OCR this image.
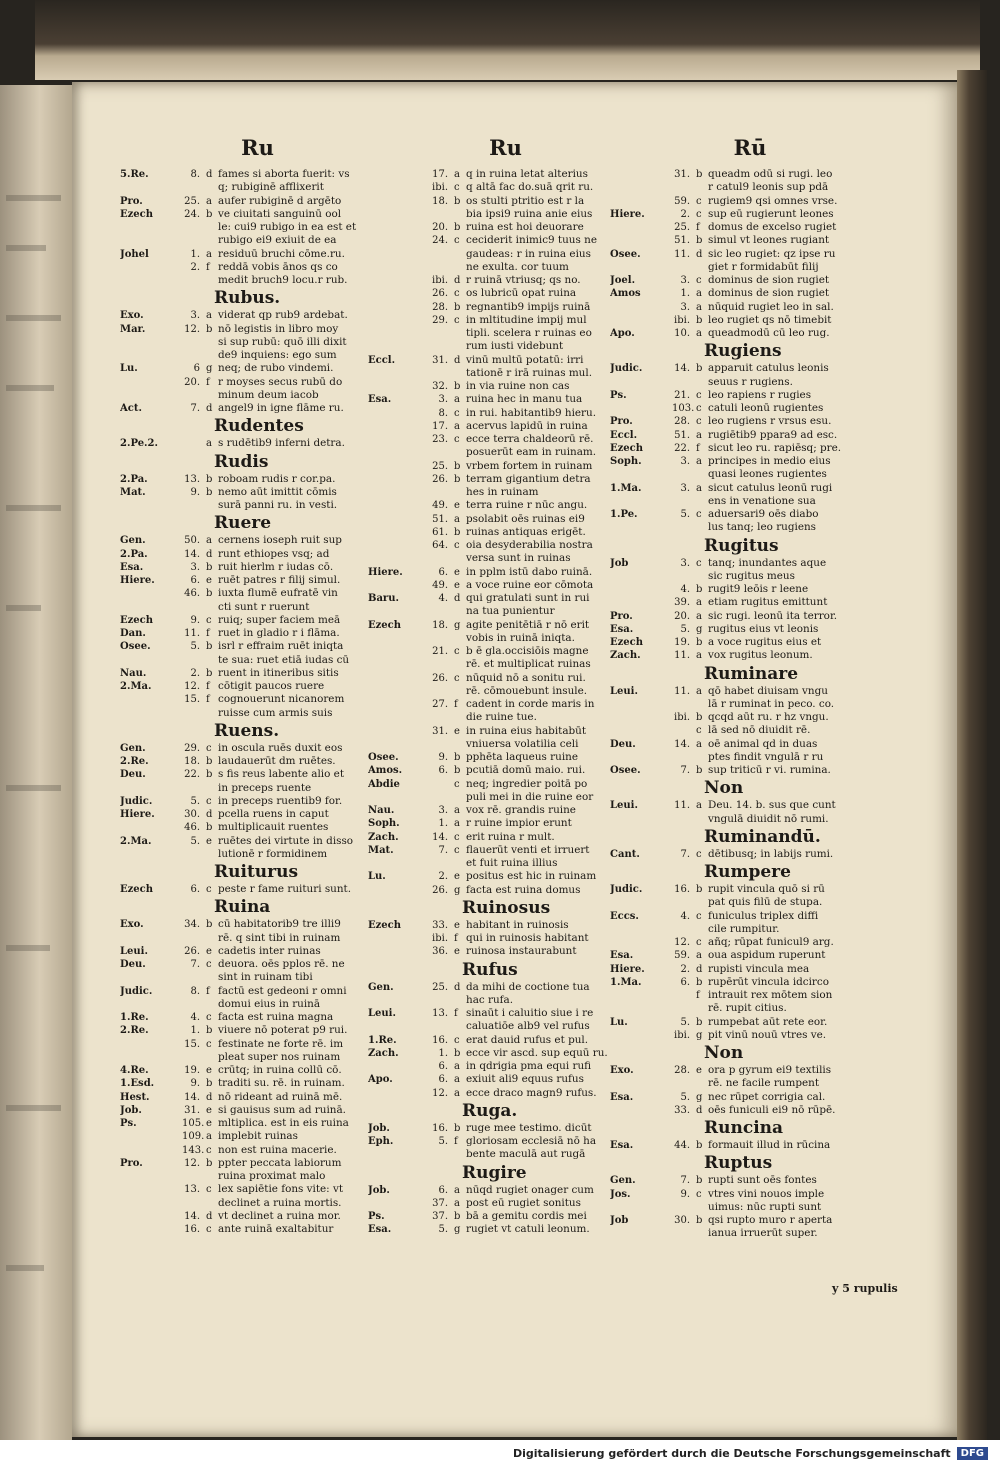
Ru
5.Re.	8. d fames si aborta fuerit: vs
q; rubiginē afflixerit
Pro.	25. a aufer rubiginē d argēto
Ezech	24. b ve ciuitati sanguinū ool
le: cui9 rubigo in ea est et
rubigo ei9 exiuit de ea
Johel	1. a residuū bruchi cōme.ru.
2. f reddā vobis ānos qs co
medit bruch9 locu.r rub.
Rubus.
Exo.	3. a viderat qp rub9 ardebat.
Mar.	12. b nō legistis in libro moy
si sup rubū: quō illi dixit
de9 inquiens: ego sum
Lu.	6 g neq; de rubo vindemi.
20. f r moyses secus rubū do
minum deum iacob
Act.	7. d angel9 in igne flāme ru.
Rudentes
2.Pe.2.	a s rudētib9 inferni detra.
Rudis
2.Pa.	13. b roboam rudis r cor.pa.
Mat.	9. b nemo aūt imittit cōmis
surā panni ru. in vesti.
Ruere
Gen.	50. a cernens ioseph ruit sup
2.Pa.	14. d runt ethiopes vsq; ad
Esa.	3. b ruit hierlm r iudas cō.
Hiere.	6. e ruēt patres r filij simul.
46. b iuxta flumē eufratē vin
cti sunt r ruerunt
Ezech	9. c ruiq; super faciem meā
Dan.	11. f ruet in gladio r i flāma.
Osee.	5. b isrl r effraim ruēt iniqta
te sua: ruet etiā iudas cū
Nau.	2. b ruent in itineribus sitis
2.Ma.	12. f cōtigit paucos ruere
15. f cognouerunt nicanorem
ruisse cum armis suis
Ruens.
Gen.	29. c in oscula ruēs duxit eos
2.Re.	18. b laudauerūt dm ruētes.
Deu.	22. b s fis reus labente alio et
in preceps ruente
Judic.	5. c in preceps ruentib9 for.
Hiere.	30. d pcella ruens in caput
46. b multiplicauit ruentes
2.Ma.	5. e ruētes dei virtute in disso
lutionē r formidinem
Ruiturus
Ezech	6. c peste r fame ruituri sunt.
Ruina
Exo.	34. b cū habitatorib9 tre illi9
rē. q sint tibi in ruinam
Leui.	26. e cadetis inter ruinas
Deu.	7. c deuora. oēs pplos rē. ne
sint in ruinam tibi
Judic.	8. f factū est gedeoni r omni
domui eius in ruinā
1.Re.	4. c facta est ruina magna
2.Re.	1. b viuere nō poterat p9 rui.
15. c festinate ne forte rē. im
pleat super nos ruinam
4.Re.	19. e crūtq; in ruina collū cō.
1.Esd.	9. b traditi su. rē. in ruinam.
Hest.	14. d nō rideant ad ruinā mē.
Job.	31. e si gauisus sum ad ruinā.
Ps.	105. e mltiplica. est in eis ruina
109. a implebit ruinas
143. c non est ruina macerie.
Pro.	12. b ppter peccata labiorum
ruina proximat malo
13. c lex sapiētie fons vite: vt
declinet a ruina mortis.
14. d vt declinet a ruina mor.
16. c ante ruinā exaltabitur
Ru
17. a q in ruina letat alterius
ibi. c q altā fac do.suā qrit ru.
18. b os stulti ptritio est r la
bia ipsi9 ruina anie eius
20. b ruina est hoi deuorare
24. c ceciderit inimic9 tuus ne
gaudeas: r in ruina eius
ne exulta. cor tuum
ibi. d r ruinā vtriusq; qs no.
26. c os lubricū opat ruina
28. b regnantib9 impijs ruinā
29. c in mltitudine impij mul
tipli. scelera r ruinas eo
rum iusti videbunt
Eccl.	31. d vinū multū potatū: irri
tationē r irā ruinas mul.
32. b in via ruine non cas
Esa.	3. a ruina hec in manu tua
8. c in rui. habitantib9 hieru.
17. a acervus lapidū in ruina
23. c ecce terra chaldeorū rē.
posuerūt eam in ruinam.
25. b vrbem fortem in ruinam
26. b terram gigantium detra
hes in ruinam
49. e terra ruine r nūc angu.
51. a psolabit oēs ruinas ei9
61. b ruinas antiquas erigēt.
64. c oia desyderabilia nostra
versa sunt in ruinas
Hiere.	6. e in pplm istū dabo ruinā.
49. e a voce ruine eor cōmota
Baru.	4. d qui gratulati sunt in rui
na tua punientur
Ezech	18. g agite penitētiā r nō erit
vobis in ruinā iniqta.
21. c b ē gla.occisiōis magne
rē. et multiplicat ruinas
26. c nūquid nō a sonitu rui.
rē. cōmouebunt insule.
27. f cadent in corde maris in
die ruine tue.
31. e in ruina eius habitabūt
vniuersa volatilia celi
Osee.	9. b pphēta laqueus ruine
Amos.	6. b pcutiā domū maio. rui.
Abdie	c neq; ingredier poitā po
puli mei in die ruine eor
Nau.	3. a vox rē. grandis ruine
Soph.	1. a r ruine impior erunt
Zach.	14. c erit ruina r mult.
Mat.	7. c flauerūt venti et irruert
et fuit ruina illius
Lu.	2. e positus est hic in ruinam
26. g facta est ruina domus
Ruinosus
Ezech	33. e habitant in ruinosis
ibi. f qui in ruinosis habitant
36. e ruinosa instaurabunt
Rufus
Gen.	25. d da mihi de coctione tua
hac rufa.
Leui.	13. f sinaūt i caluitio siue i re
caluatiōe alb9 vel rufus
1.Re.	16. c erat dauid rufus et pul.
Zach.	1. b ecce vir ascd. sup equū ru.
6. a in qdrigia pma equi rufi
Apo.	6. a exiuit ali9 equus rufus
12. a ecce draco magn9 rufus.
Ruga.
Job.	16. b ruge mee testimo. dicūt
Eph.	5. f gloriosam ecclesiā nō ha
bente maculā aut rugā
Rugire
Job.	6. a nūqd rugiet onager cum
37. a post eū rugiet sonitus
Ps.	37. b bā a gemitu cordis mei
Esa.	5. g rugiet vt catuli leonum.
Rū
31. b queadm odū si rugi. leo
r catul9 leonis sup pdā
59. c rugiem9 qsi omnes vrse.
Hiere.	2. c sup eū rugierunt leones
25. f domus de excelso rugiet
51. b simul vt leones rugiant
Osee.	11. d sic leo rugiet: qz ipse ru
giet r formidabūt filij
Joel.	3. c dominus de sion rugiet
Amos	1. a dominus de sion rugiet
3. a nūquid rugiet leo in sal.
ibi. b leo rugiet qs nō timebit
Apo.	10. a queadmodū cū leo rug.
Rugiens
Judic.	14. b apparuit catulus leonis
seuus r rugiens.
Ps.	21. c leo rapiens r rugies
103. c catuli leonū rugientes
Pro.	28. c leo rugiens r vrsus esu.
Eccl.	51. a rugiētib9 ppara9 ad esc.
Ezech	22. f sicut leo ru. rapiēsq; pre.
Soph.	3. a principes in medio eius
quasi leones rugientes
1.Ma.	3. a sicut catulus leonū rugi
ens in venatione sua
1.Pe.	5. c aduersari9 oēs diabo
lus tanq; leo rugiens
Rugitus
Job	3. c tanq; inundantes aque
sic rugitus meus
4. b rugit9 leōis r leene
39. a etiam rugitus emittunt
Pro.	20. a sic rugi. leonū ita terror.
Esa.	5. g rugitus eius vt leonis
Ezech	19. b a voce rugitus eius et
Zach.	11. a vox rugitus leonum.
Ruminare
Leui.	11. a qō habet diuisam vngu
lā r ruminat in peco. co.
ibi. b qcqd aūt ru. r hz vngu.
c lā sed nō diuidit rē.
Deu.	14. a oē animal qd in duas
ptes findit vngulā r ru
Osee.	7. b sup triticū r vi. rumina.
Non
Leui.	11. a Deu. 14. b. sus que cunt
vngulā diuidit nō rumi.
Ruminandū.
Cant.	7. c dētibusq; in labijs rumi.
Rumpere
Judic.	16. b rupit vincula quō si rū
pat quis filū de stupa.
Eccs.	4. c funiculus triplex diffi
cile rumpitur.
12. c añq; rūpat funicul9 arg.
Esa.	59. a oua aspidum ruperunt
Hiere.	2. d rupisti vincula mea
1.Ma.	6. b rupērūt vincula idcirco
f intrauit rex mōtem sion
rē. rupit citius.
Lu.	5. b rumpebat aūt rete eor.
ibi. g pit vinū nouū vtres ve.
Non
Exo.	28. e ora p gyrum ei9 textilis
rē. ne facile rumpent
Esa.	5. g nec rūpet corrigia cal.
33. d oēs funiculi ei9 nō rūpē.
Runcina
Esa.	44. b formauit illud in rūcina
Ruptus
Gen.	7. b rupti sunt oēs fontes
Jos.	9. c vtres vini nouos imple
uimus: nūc rupti sunt
Job	30. b qsi rupto muro r aperta
ianua irruerūt super.
y 5 rupulis
Digitalisierung gefördert durch die Deutsche Forschungsgemeinschaft	DFG
